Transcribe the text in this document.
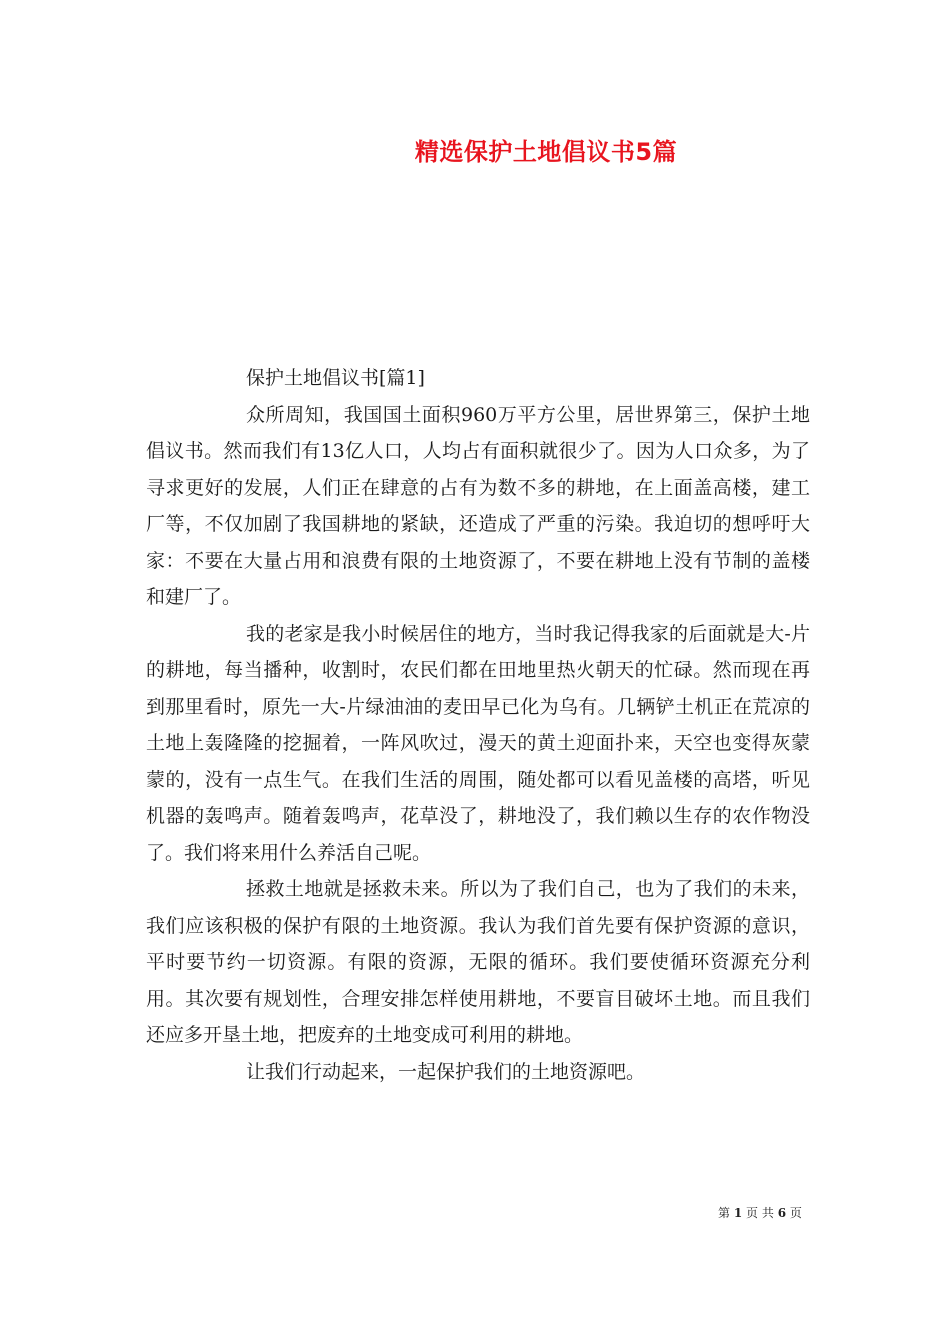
精选保护土地倡议书5篇

保护土地倡议书[篇1]

众所周知，我国国土面积960万平方公里，居世界第三，保护土地倡议书。然而我们有13亿人口，人均占有面积就很少了。因为人口众多，为了寻求更好的发展，人们正在肆意的占有为数不多的耕地，在上面盖高楼，建工厂等，不仅加剧了我国耕地的紧缺，还造成了严重的污染。我迫切的想呼吁大家：不要在大量占用和浪费有限的土地资源了，不要在耕地上没有节制的盖楼和建厂了。

我的老家是我小时候居住的地方，当时我记得我家的后面就是大-片的耕地，每当播种，收割时，农民们都在田地里热火朝天的忙碌。然而现在再到那里看时，原先一大-片绿油油的麦田早已化为乌有。几辆铲土机正在荒凉的土地上轰隆隆的挖掘着，一阵风吹过，漫天的黄土迎面扑来，天空也变得灰蒙蒙的，没有一点生气。在我们生活的周围，随处都可以看见盖楼的高塔，听见机器的轰鸣声。随着轰鸣声，花草没了，耕地没了，我们赖以生存的农作物没了。我们将来用什么养活自己呢。

拯救土地就是拯救未来。所以为了我们自己，也为了我们的未来，我们应该积极的保护有限的土地资源。我认为我们首先要有保护资源的意识，平时要节约一切资源。有限的资源，无限的循环。我们要使循环资源充分利用。其次要有规划性，合理安排怎样使用耕地，不要盲目破坏土地。而且我们还应多开垦土地，把废弃的土地变成可利用的耕地。

让我们行动起来，一起保护我们的土地资源吧。

第 1 页 共 6 页
